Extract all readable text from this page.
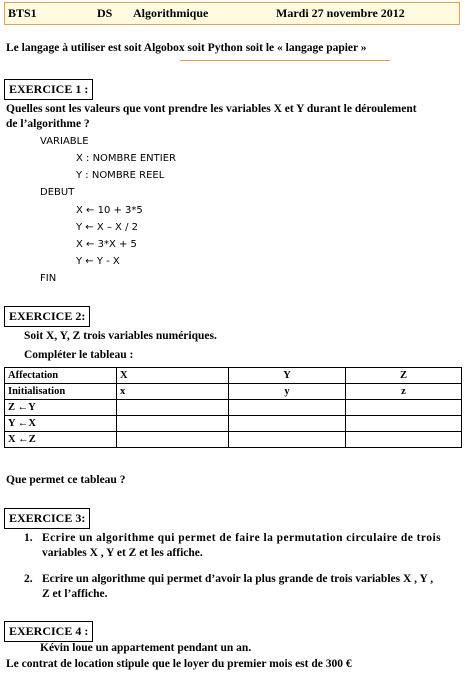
BTS1	DS Algorithmique	Mardi 27 novembre 2012
Le langage à utiliser est soit Algobox soit Python soit le « langage papier »
EXERCICE 1 :
Quelles sont les valeurs que vont prendre les variables X et Y durant le déroulement
de l’algorithme ?
VARIABLE
X : NOMBRE ENTIER
Y : NOMBRE REEL
DEBUT
X ← 10 + 3*5
Y ← X – X / 2
X ← 3*X + 5
Y ← Y - X
FIN
EXERCICE 2:
Soit X, Y, Z trois variables numériques.
Compléter le tableau :
Affectation	X	Y	Z
Initialisation	x	y	z
Z ←Y			
Y ←X			
X ←Z			
Que permet ce tableau ?
EXERCICE 3:
1. Ecrire un algorithme qui permet de faire la permutation circulaire de trois
variables X , Y et Z et les affiche.
2. Ecrire un algorithme qui permet d’avoir la plus grande de trois variables X , Y ,
Z et l’affiche.
EXERCICE 4 :
Kévin loue un appartement pendant un an.
Le contrat de location stipule que le loyer du premier mois est de 300 €
